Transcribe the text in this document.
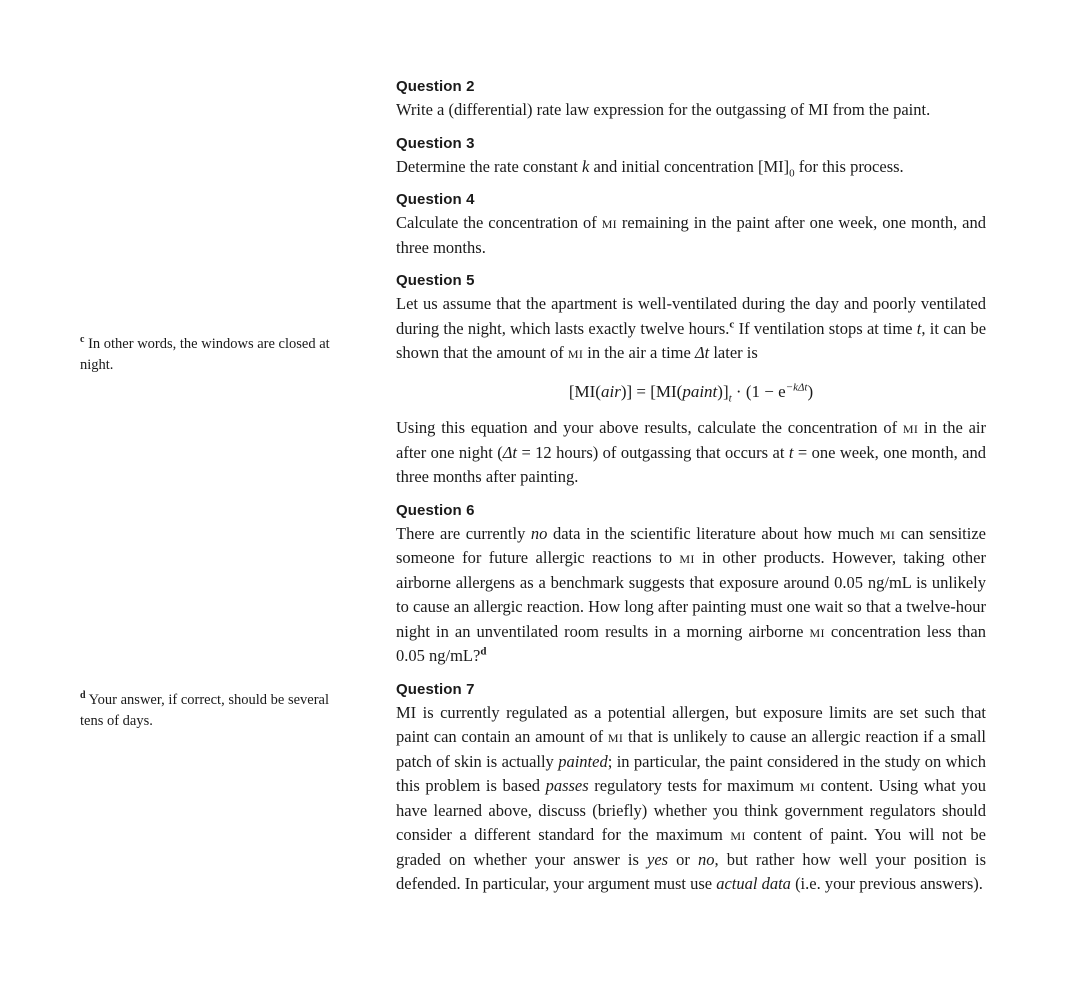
Question 2
Write a (differential) rate law expression for the outgassing of MI from the paint.
Question 3
Determine the rate constant k and initial concentration $[MI]_0$ for this process.
Question 4
Calculate the concentration of mi remaining in the paint after one week, one month, and three months.
Question 5
Let us assume that the apartment is well-ventilated during the day and poorly ventilated during the night, which lasts exactly twelve hours.$^c$ If ventilation stops at time t, it can be shown that the amount of mi in the air a time Δt later is
$[MI(air)] = [MI(paint)]_t \cdot (1 - e^{-k\Delta t})$
Using this equation and your above results, calculate the concentration of mi in the air after one night (Δt = 12 hours) of outgassing that occurs at t = one week, one month, and three months after painting.
Question 6
There are currently no data in the scientific literature about how much mi can sensitize someone for future allergic reactions to mi in other products. However, taking other airborne allergens as a benchmark suggests that exposure around 0.05 ng/mL is unlikely to cause an allergic reaction. How long after painting must one wait so that a twelve-hour night in an unventilated room results in a morning airborne mi concentration less than 0.05 ng/mL?$^d$
Question 7
MI is currently regulated as a potential allergen, but exposure limits are set such that paint can contain an amount of mi that is unlikely to cause an allergic reaction if a small patch of skin is actually painted; in particular, the paint considered in the study on which this problem is based passes regulatory tests for maximum mi content. Using what you have learned above, discuss (briefly) whether you think government regulators should consider a different standard for the maximum mi content of paint. You will not be graded on whether your answer is yes or no, but rather how well your position is defended. In particular, your argument must use actual data (i.e. your previous answers).
$^c$ In other words, the windows are closed at night.
$^d$ Your answer, if correct, should be several tens of days.
